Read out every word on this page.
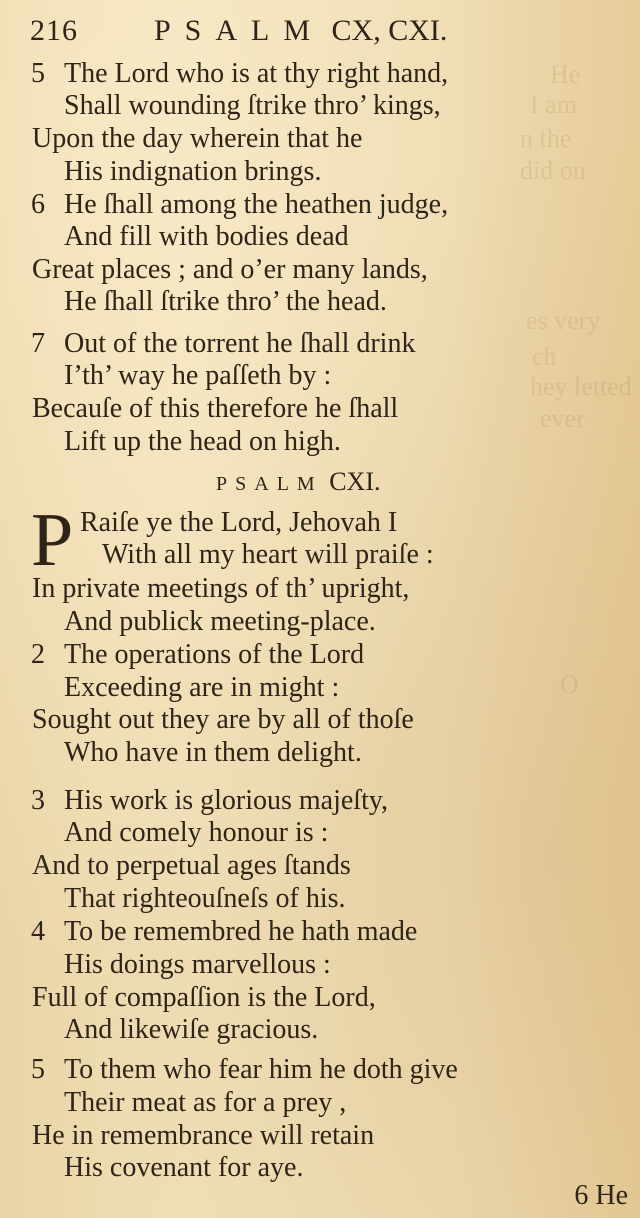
He
I am
n the
did on
es very
ch
hey letted
ever
O
216	PSALM CX, CXI.
5 The Lord who is at thy right hand,
Shall wounding ſtrike thro’ kings,
Upon the day wherein that he
His indignation brings.
6 He ſhall among the heathen judge,
And fill with bodies dead
Great places ; and o’er many lands,
He ſhall ſtrike thro’ the head.
7 Out of the torrent he ſhall drink
I’th’ way he paſſeth by :
Becauſe of this therefore he ſhall
Lift up the head on high.
PSALM CXI.
P Raiſe ye the Lord, Jehovah I
With all my heart will praiſe :
In private meetings of th’ upright,
And publick meeting-place.
2 The operations of the Lord
Exceeding are in might :
Sought out they are by all of thoſe
Who have in them delight.
3 His work is glorious majeſty,
And comely honour is :
And to perpetual ages ſtands
That righteouſneſs of his.
4 To be remembred he hath made
His doings marvellous :
Full of compaſſion is the Lord,
And likewiſe gracious.
5 To them who fear him he doth give
Their meat as for a prey ,
He in remembrance will retain
His covenant for aye.
6 He
